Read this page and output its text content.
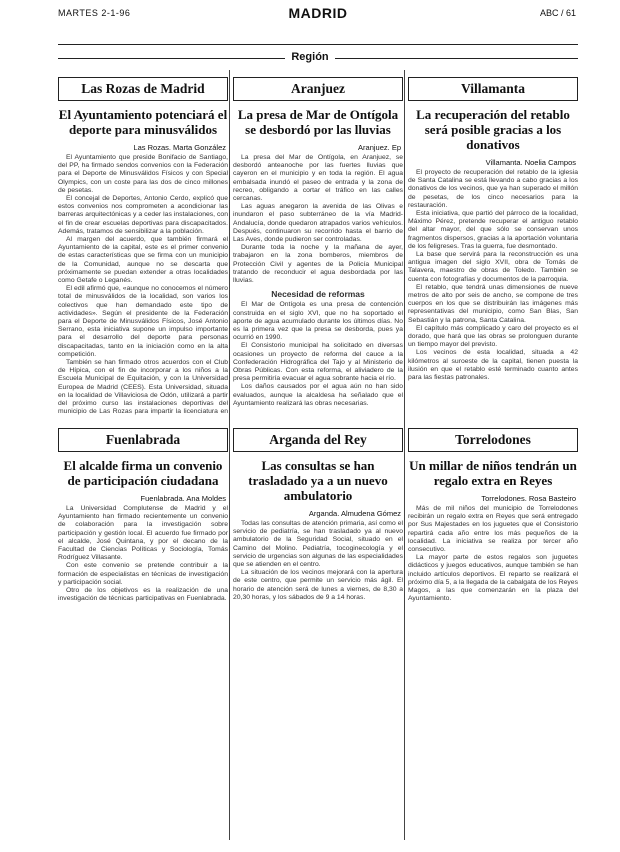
MARTES 2-1-96	MADRID	ABC / 61
Región
Las Rozas de Madrid
El Ayuntamiento potenciará el deporte para minusválidos
Las Rozas. Marta González

El Ayuntamiento que preside Bonifacio de Santiago, del PP, ha firmado sendos convenios con la Federación para el Deporte de Minusválidos Físicos y con Special Olympics, con un coste para las dos de cinco millones de pesetas.

El concejal de Deportes, Antonio Cerdo, explicó que estos convenios nos comprometen a acondicionar las barreras arquitectónicas y a ceder las instalaciones, con el fin de crear escuelas deportivas para discapacitados. Además, tratamos de sensibilizar a la población.

Al margen del acuerdo, que también firmará el Ayuntamiento de la capital, este es el primer convenio de estas características que se firma con un municipio de la Comunidad, aunque no se descarta que próximamente se puedan extender a otras localidades como Getafe o Leganés.

El edil afirmó que, «aunque no conocemos el número total de minusválidos de la localidad, son varios los colectivos que han demandado este tipo de actividades». Según el presidente de la Federación para el Deporte de Minusválidos Físicos, José Antonio Serrano, esta iniciativa supone un impulso importante para el desarrollo del deporte para personas discapacitadas, tanto en la iniciación como en la alta competición.

También se han firmado otros acuerdos con el Club de Hípica, con el fin de incorporar a los niños a la Escuela Municipal de Equitación, y con la Universidad Europea de Madrid (CEES). Esta Universidad, situada en la localidad de Villaviciosa de Odón, utilizará a partir del próximo curso las instalaciones deportivas del municipio de Las Rozas para impartir la licenciatura en

Aranjuez
La presa de Mar de Ontígola se desbordó por las lluvias
Aranjuez. Ep

La presa del Mar de Ontígola, en Aranjuez, se desbordó anteanoche por las fuertes lluvias que cayeron en el municipio y en toda la región. El agua embalsada inundó el paseo de entrada y la zona de recreo, obligando a cortar el tráfico en las calles cercanas.

Las aguas anegaron la avenida de las Olivas e inundaron el paso subterráneo de la vía Madrid-Andalucía, donde quedaron atrapados varios vehículos. Después, continuaron su recorrido hasta el barrio de Las Aves, donde pudieron ser controladas.

Durante toda la noche y la mañana de ayer, trabajaron en la zona bomberos, miembros de Protección Civil y agentes de la Policía Municipal tratando de reconducir el agua desbordada por las lluvias.

Necesidad de reformas

El Mar de Ontígola es una presa de contención construida en el siglo XVI, que no ha soportado el aporte de agua acumulado durante los últimos días. No es la primera vez que la presa se desborda, pues ya ocurrió en 1990.

El Consistorio municipal ha solicitado en diversas ocasiones un proyecto de reforma del cauce a la Confederación Hidrográfica del Tajo y al Ministerio de Obras Públicas. Con esta reforma, el aliviadero de la presa permitiría evacuar el agua sobrante hacia el río.

Los daños causados por el agua aún no han sido evaluados, aunque la alcaldesa ha señalado que el Ayuntamiento realizará las obras necesarias.

Villamanta
La recuperación del retablo será posible gracias a los donativos
Villamanta. Noelia Campos

El proyecto de recuperación del retablo de la iglesia de Santa Catalina se está llevando a cabo gracias a los donativos de los vecinos, que ya han superado el millón de pesetas, de los cinco necesarios para la restauración.

Esta iniciativa, que partió del párroco de la localidad, Máximo Pérez, pretende recuperar el antiguo retablo del altar mayor, del que sólo se conservan unos fragmentos dispersos, gracias a la aportación voluntaria de los feligreses. Tras la guerra, fue desmontado.

La base que servirá para la reconstrucción es una antigua imagen del siglo XVII, obra de Tomás de Talavera, maestro de obras de Toledo. También se cuenta con fotografías y documentos de la parroquia.

El retablo, que tendrá unas dimensiones de nueve metros de alto por seis de ancho, se compone de tres cuerpos en los que se distribuirán las imágenes más representativas del municipio, como San Blas, San Sebastián y la patrona, Santa Catalina.

El capítulo más complicado y caro del proyecto es el dorado, que hará que las obras se prolonguen durante un tiempo mayor del previsto.

Los vecinos de esta localidad, situada a 42 kilómetros al suroeste de la capital, tienen puesta la ilusión en que el retablo esté terminado cuanto antes para las fiestas patronales.

Fuenlabrada
El alcalde firma un convenio de participación ciudadana
Fuenlabrada. Ana Moldes

La Universidad Complutense de Madrid y el Ayuntamiento han firmado recientemente un convenio de colaboración para la investigación sobre participación y gestión local. El acuerdo fue firmado por el alcalde, José Quintana, y por el decano de la Facultad de Ciencias Políticas y Sociología, Tomás Rodríguez Villasante.

Con este convenio se pretende contribuir a la formación de especialistas en técnicas de investigación y participación social.

Otro de los objetivos es la realización de una investigación de técnicas participativas en Fuenlabrada.

Arganda del Rey
Las consultas se han trasladado ya a un nuevo ambulatorio
Arganda. Almudena Gómez

Todas las consultas de atención primaria, así como el servicio de pediatría, se han trasladado ya al nuevo ambulatorio de la Seguridad Social, situado en el Camino del Molino. Pediatría, tocoginecología y el servicio de urgencias son algunas de las especialidades que se atienden en el centro.

La situación de los vecinos mejorará con la apertura de este centro, que permite un servicio más ágil. El horario de atención será de lunes a viernes, de 8,30 a 20,30 horas, y los sábados de 9 a 14 horas.

Torrelodones
Un millar de niños tendrán un regalo extra en Reyes
Torrelodones. Rosa Basteiro

Más de mil niños del municipio de Torrelodones recibirán un regalo extra en Reyes que será entregado por Sus Majestades en los juguetes que el Consistorio repartirá cada año entre los más pequeños de la localidad. La iniciativa se realiza por tercer año consecutivo.

La mayor parte de estos regalos son juguetes didácticos y juegos educativos, aunque también se han incluido artículos deportivos. El reparto se realizará el próximo día 5, a la llegada de la cabalgata de los Reyes Magos, a las que comenzarán en la plaza del Ayuntamiento.
